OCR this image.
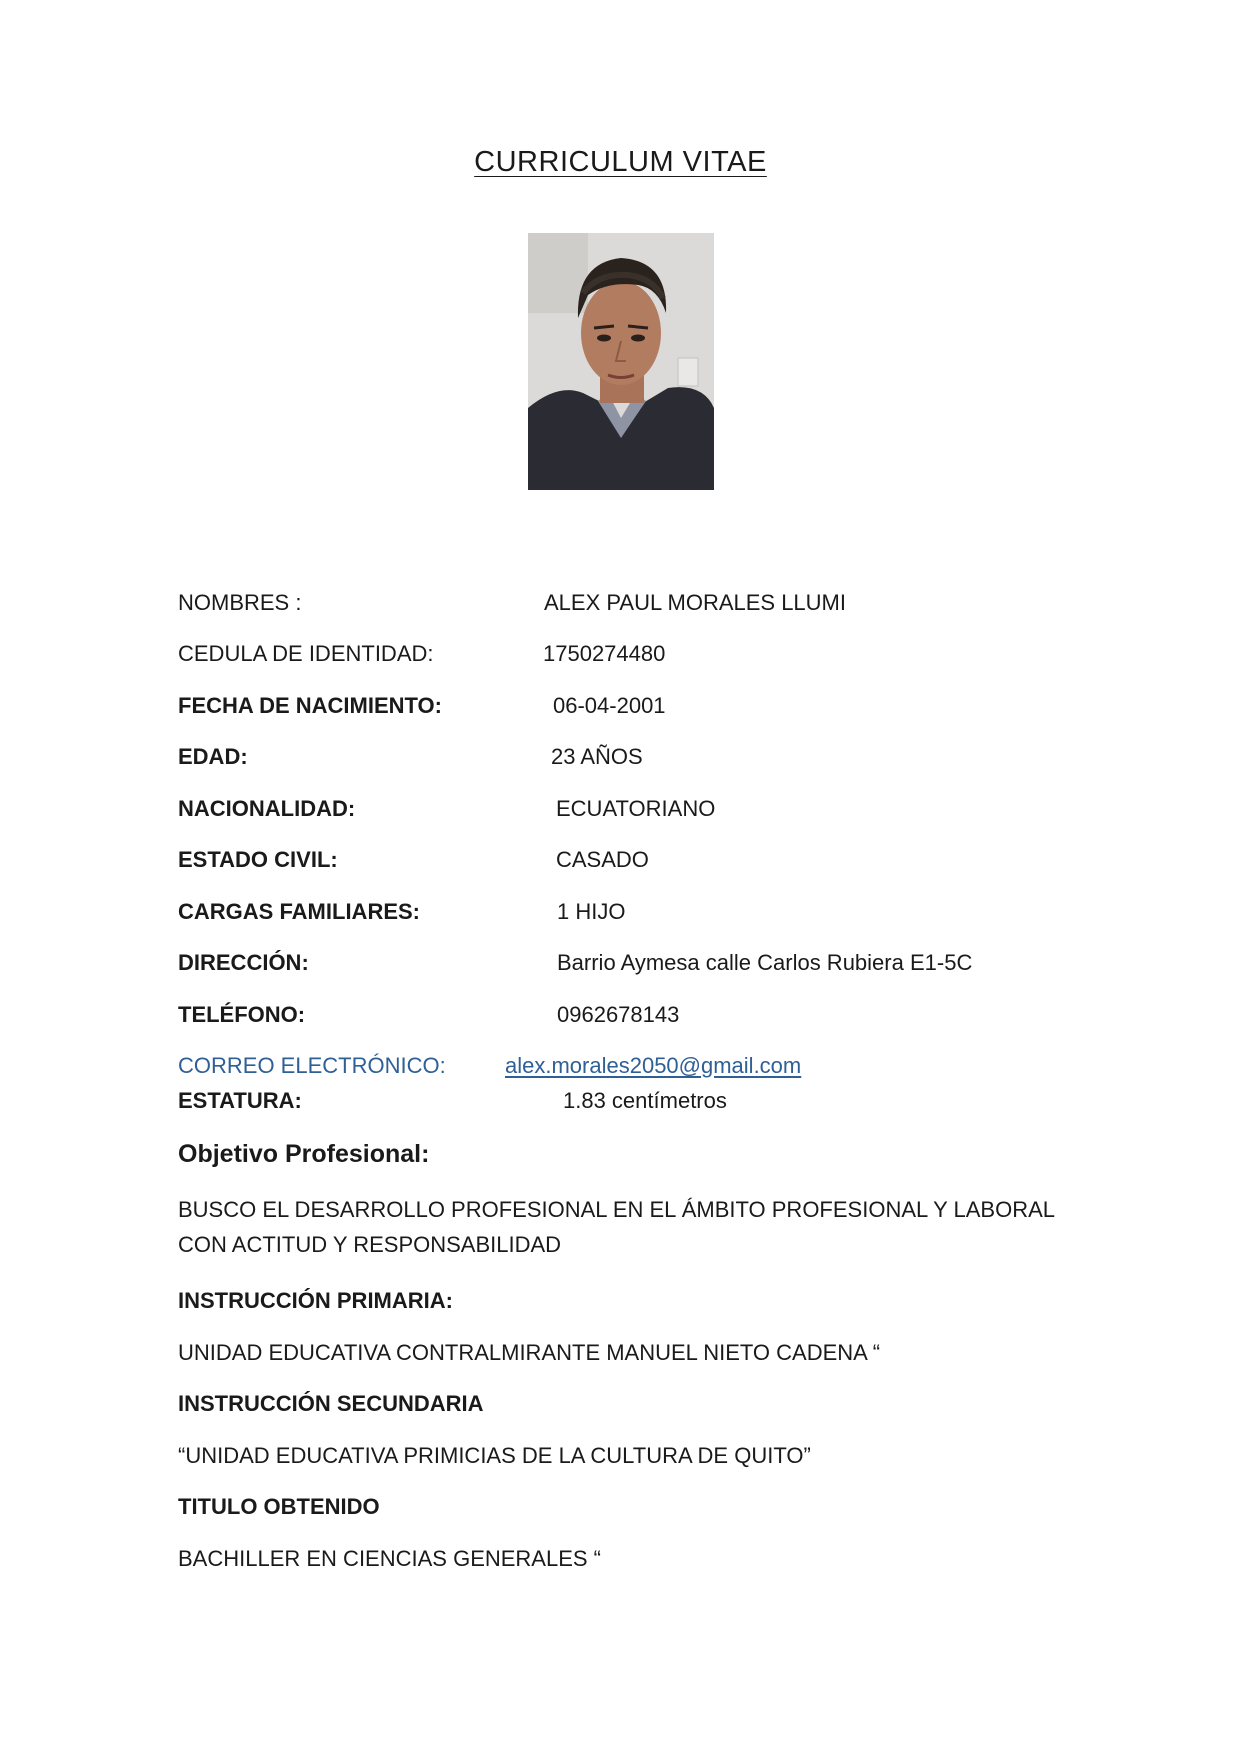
CURRICULUM VITAE
NOMBRES :	ALEX PAUL MORALES LLUMI
CEDULA DE IDENTIDAD:	1750274480
FECHA DE NACIMIENTO:	06-04-2001
EDAD:	23 AÑOS
NACIONALIDAD:	ECUATORIANO
ESTADO CIVIL:	CASADO
CARGAS FAMILIARES:	1 HIJO
DIRECCIÓN:	Barrio Aymesa calle Carlos Rubiera E1-5C
TELÉFONO:	0962678143
CORREO ELECTRÓNICO:	alex.morales2050@gmail.com
ESTATURA:	1.83 centímetros
Objetivo Profesional:
BUSCO EL DESARROLLO PROFESIONAL EN EL ÁMBITO PROFESIONAL Y LABORAL CON ACTITUD Y RESPONSABILIDAD
INSTRUCCIÓN PRIMARIA:
UNIDAD EDUCATIVA CONTRALMIRANTE MANUEL NIETO CADENA “
INSTRUCCIÓN SECUNDARIA
“UNIDAD EDUCATIVA PRIMICIAS DE LA CULTURA DE QUITO”
TITULO OBTENIDO
BACHILLER EN CIENCIAS GENERALES “
